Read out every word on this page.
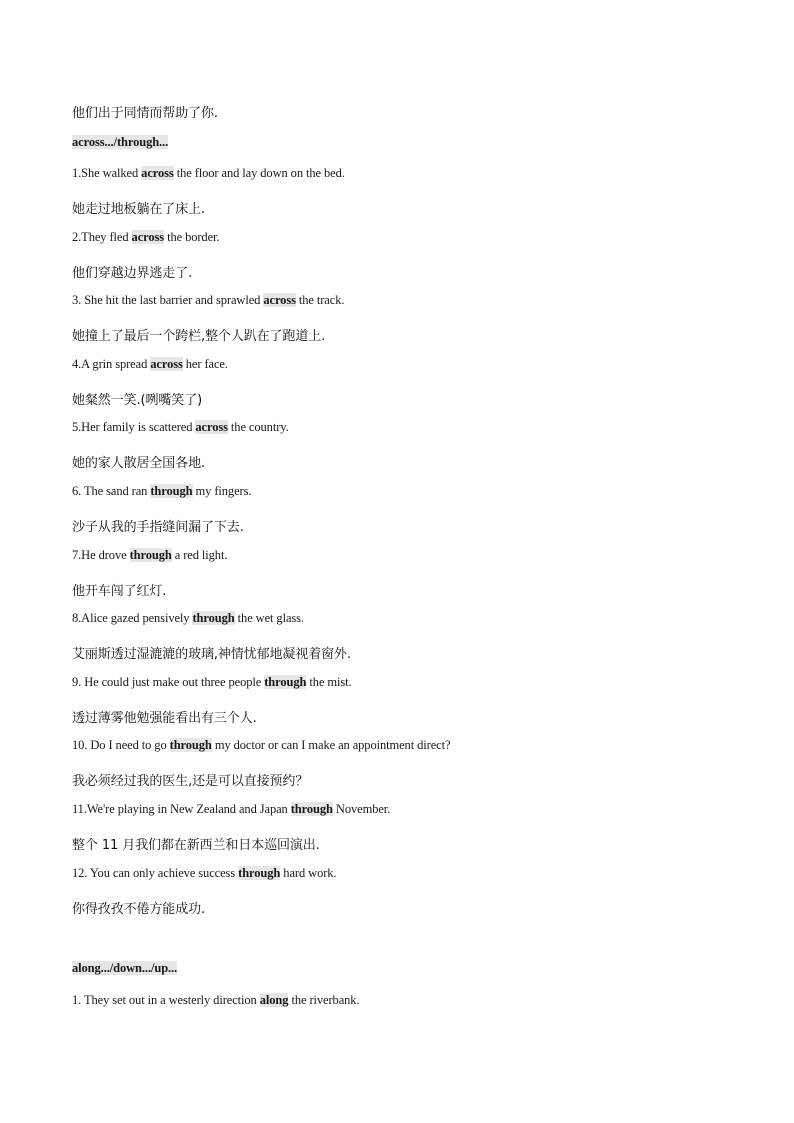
他们出于同情而帮助了你.
across.../through...
1.She walked across the floor and lay down on the bed.
她走过地板躺在了床上.
2.They fled across the border.
他们穿越边界逃走了.
3. She hit the last barrier and sprawled across the track.
她撞上了最后一个跨栏,整个人趴在了跑道上.
4.A grin spread across her face.
她粲然一笑.(咧嘴笑了)
5.Her family is scattered across the country.
她的家人散居全国各地.
6. The sand ran through my fingers.
沙子从我的手指缝间漏了下去.
7.He drove through a red light.
他开车闯了红灯.
8.Alice gazed pensively through the wet glass.
艾丽斯透过湿漉漉的玻璃,神情忧郁地凝视着窗外.
9. He could just make out three people through the mist.
透过薄雾他勉强能看出有三个人.
10. Do I need to go through my doctor or can I make an appointment direct?
我必须经过我的医生,还是可以直接预约？
11.We're playing in New Zealand and Japan through November.
整个 11 月我们都在新西兰和日本巡回演出.
12. You can only achieve success through hard work.
你得孜孜不倦方能成功.
along.../down.../up...
1. They set out in a westerly direction along the riverbank.
